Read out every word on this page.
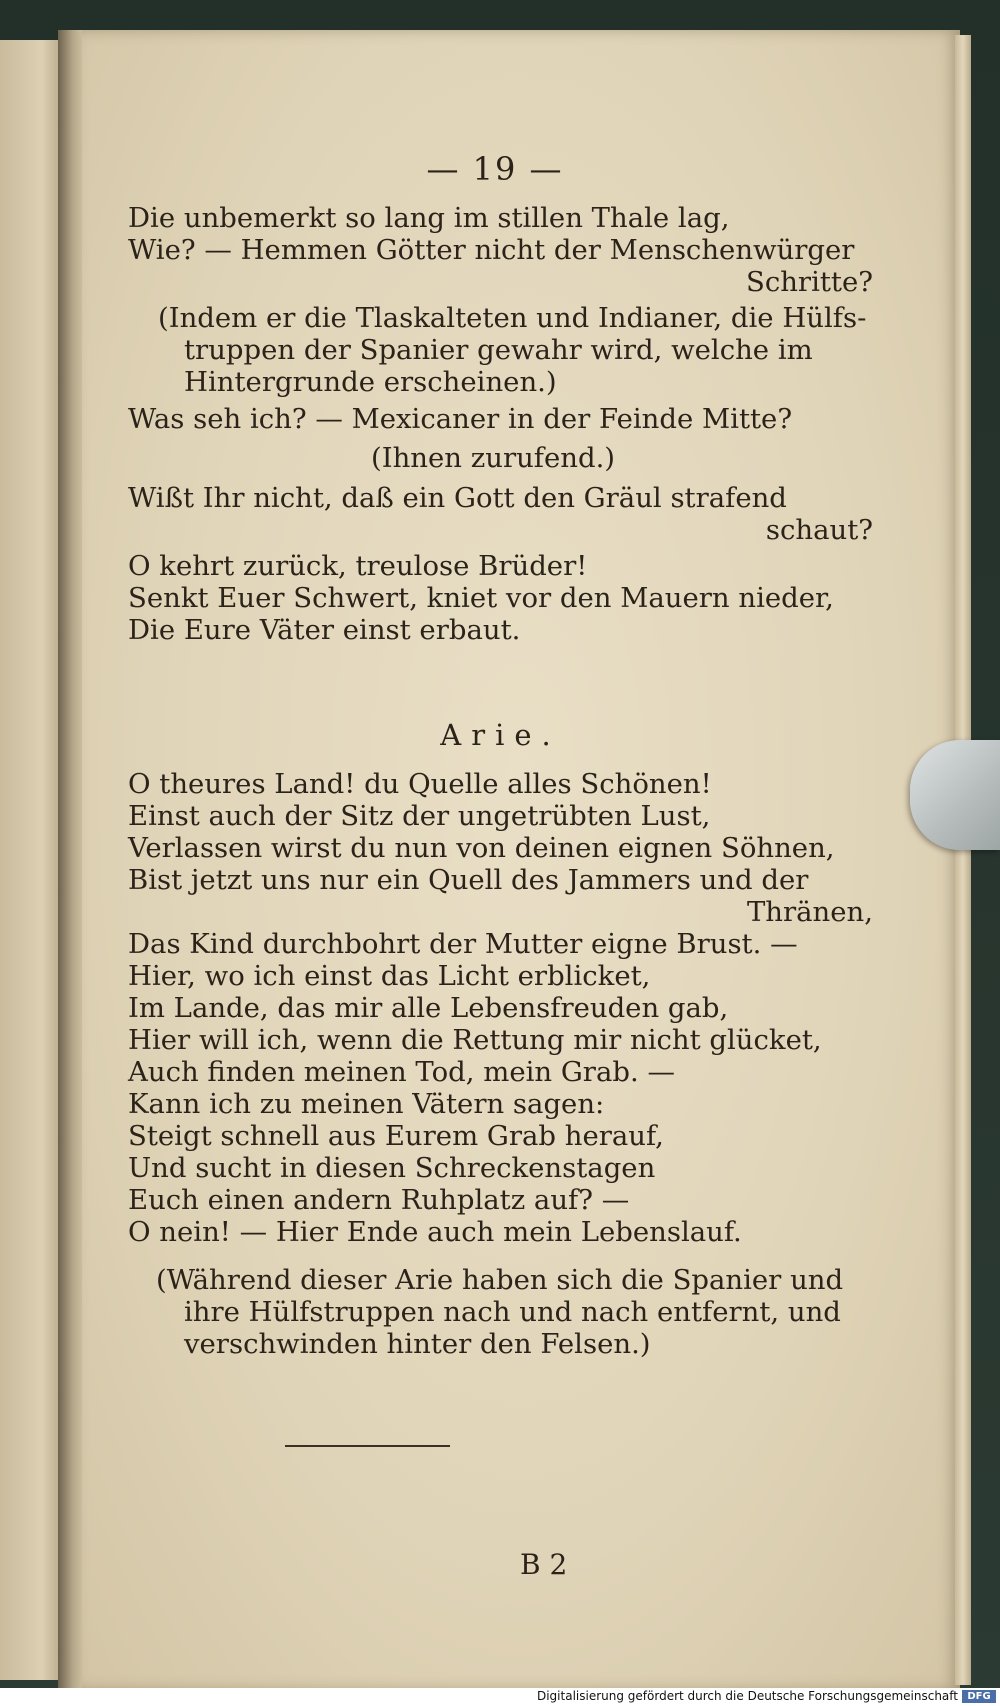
— 19 —
Die unbemerkt so lang im stillen Thale lag,
Wie? — Hemmen Götter nicht der Menschenwürger
Schritte?
(Indem er die Tlaskalteten und Indianer, die Hülfs-
truppen der Spanier gewahr wird, welche im
Hintergrunde erscheinen.)
Was seh ich? — Mexicaner in der Feinde Mitte?
(Ihnen zurufend.)
Wißt Ihr nicht, daß ein Gott den Gräul strafend
schaut?
O kehrt zurück, treulose Brüder!
Senkt Euer Schwert, kniet vor den Mauern nieder,
Die Eure Väter einst erbaut.
Arie.
O theures Land! du Quelle alles Schönen!
Einst auch der Sitz der ungetrübten Lust,
Verlassen wirst du nun von deinen eignen Söhnen,
Bist jetzt uns nur ein Quell des Jammers und der
Thränen,
Das Kind durchbohrt der Mutter eigne Brust. —
Hier, wo ich einst das Licht erblicket,
Im Lande, das mir alle Lebensfreuden gab,
Hier will ich, wenn die Rettung mir nicht glücket,
Auch finden meinen Tod, mein Grab. —
Kann ich zu meinen Vätern sagen:
Steigt schnell aus Eurem Grab herauf,
Und sucht in diesen Schreckenstagen
Euch einen andern Ruhplatz auf? —
O nein! — Hier Ende auch mein Lebenslauf.
(Während dieser Arie haben sich die Spanier und
ihre Hülfstruppen nach und nach entfernt, und
verschwinden hinter den Felsen.)
B 2
Digitalisierung gefördert durch die Deutsche Forschungsgemeinschaft DFG
